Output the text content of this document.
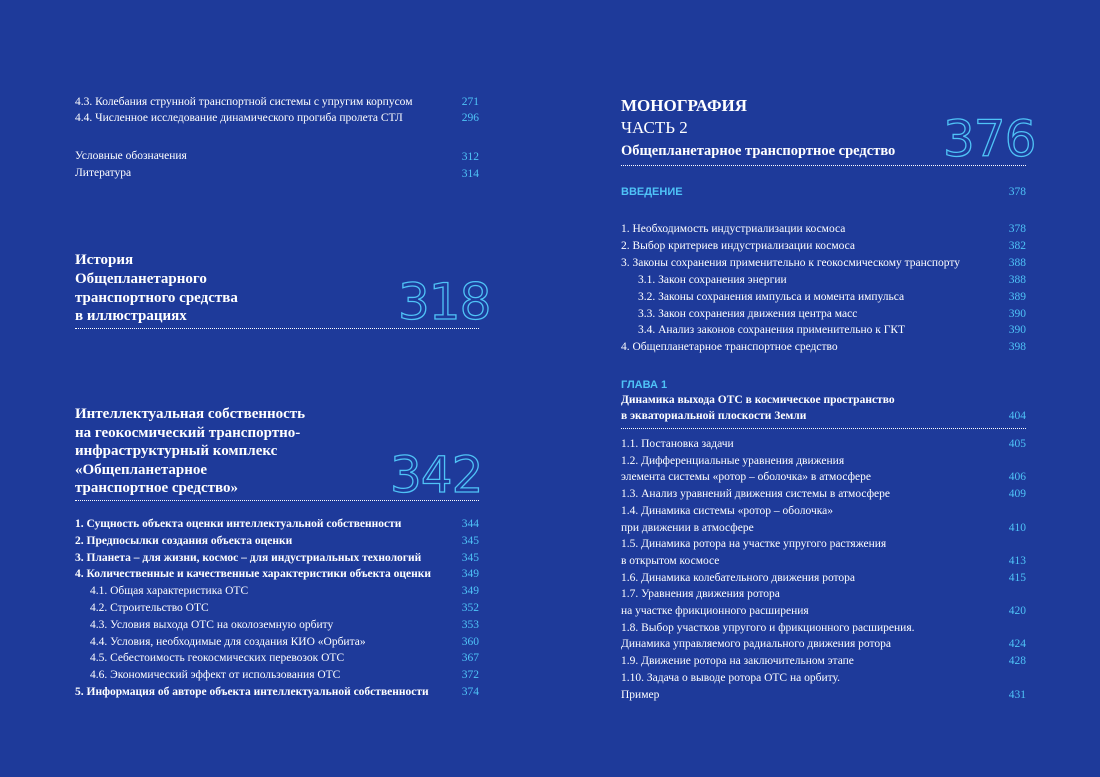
4.3. Колебания струнной транспортной системы с упругим корпусом	271
4.4. Численное исследование динамического прогиба пролета СТЛ	296
Условные обозначения	312
Литература	314
История
Общепланетарного
транспортного средства
в иллюстрациях	318
Интеллектуальная собственность
на геокосмический транспортно-
инфраструктурный комплекс
«Общепланетарное
транспортное средство»	342
1. Сущность объекта оценки интеллектуальной собственности	344
2. Предпосылки создания объекта оценки	345
3. Планета – для жизни, космос – для индустриальных технологий	345
4. Количественные и качественные характеристики объекта оценки	349
4.1. Общая характеристика ОТС	349
4.2. Строительство ОТС	352
4.3. Условия выхода ОТС на околоземную орбиту	353
4.4. Условия, необходимые для создания КИО «Орбита»	360
4.5. Себестоимость геокосмических перевозок ОТС	367
4.6. Экономический эффект от использования ОТС	372
5. Информация об авторе объекта интеллектуальной собственности	374
МОНОГРАФИЯ
ЧАСТЬ 2
Общепланетарное транспортное средство 376
ВВЕДЕНИЕ	378
ГЛАВА 1
Динамика выхода ОТС в космическое пространство
в экваториальной плоскости Земли	404
1. Необходимость индустриализации космоса	378
2. Выбор критериев индустриализации космоса	382
3. Законы сохранения применительно к геокосмическому транспорту	388
3.1. Закон сохранения энергии	388
3.2. Законы сохранения импульса и момента импульса	389
3.3. Закон сохранения движения центра масс	390
3.4. Анализ законов сохранения применительно к ГКТ	390
4. Общепланетарное транспортное средство	398
1.1. Постановка задачи	405
1.2. Дифференциальные уравнения движения
элемента системы «ротор – оболочка» в атмосфере	406
1.3. Анализ уравнений движения системы в атмосфере	409
1.4. Динамика системы «ротор – оболочка»
при движении в атмосфере	410
1.5. Динамика ротора на участке упругого растяжения
в открытом космосе	413
1.6. Динамика колебательного движения ротора	415
1.7. Уравнения движения ротора
на участке фрикционного расширения	420
1.8. Выбор участков упругого и фрикционного расширения.
Динамика управляемого радиального движения ротора	424
1.9. Движение ротора на заключительном этапе	428
1.10. Задача о выводе ротора ОТС на орбиту.
Пример	431
